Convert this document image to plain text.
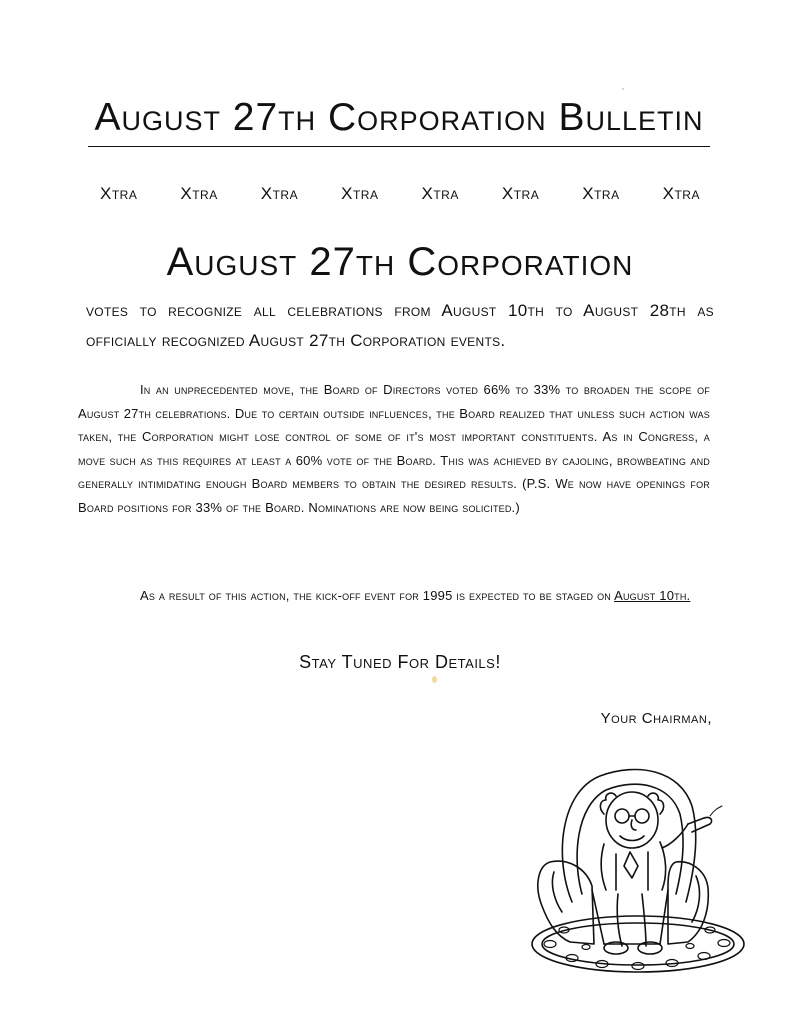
August 27th Corporation Bulletin
Xtra	Xtra	Xtra	Xtra	Xtra	Xtra	Xtra	Xtra
August 27th Corporation

votes to recognize all celebrations from August 10th to August 28th as officially recognized August 27th Corporation events.

In an unprecedented move, the Board of Directors voted 66% to 33% to broaden the scope of August 27th celebrations. Due to certain outside influences, the Board realized that unless such action was taken, the Corporation might lose control of some of it's most important constituents. As in Congress, a move such as this requires at least a 60% vote of the Board. This was achieved by cajoling, browbeating and generally intimidating enough Board members to obtain the desired results. (P.S. We now have openings for Board positions for 33% of the Board. Nominations are now being solicited.)

As a result of this action, the kick-off event for 1995 is expected to be staged on August 10th.

Stay Tuned For Details!

Your Chairman,
